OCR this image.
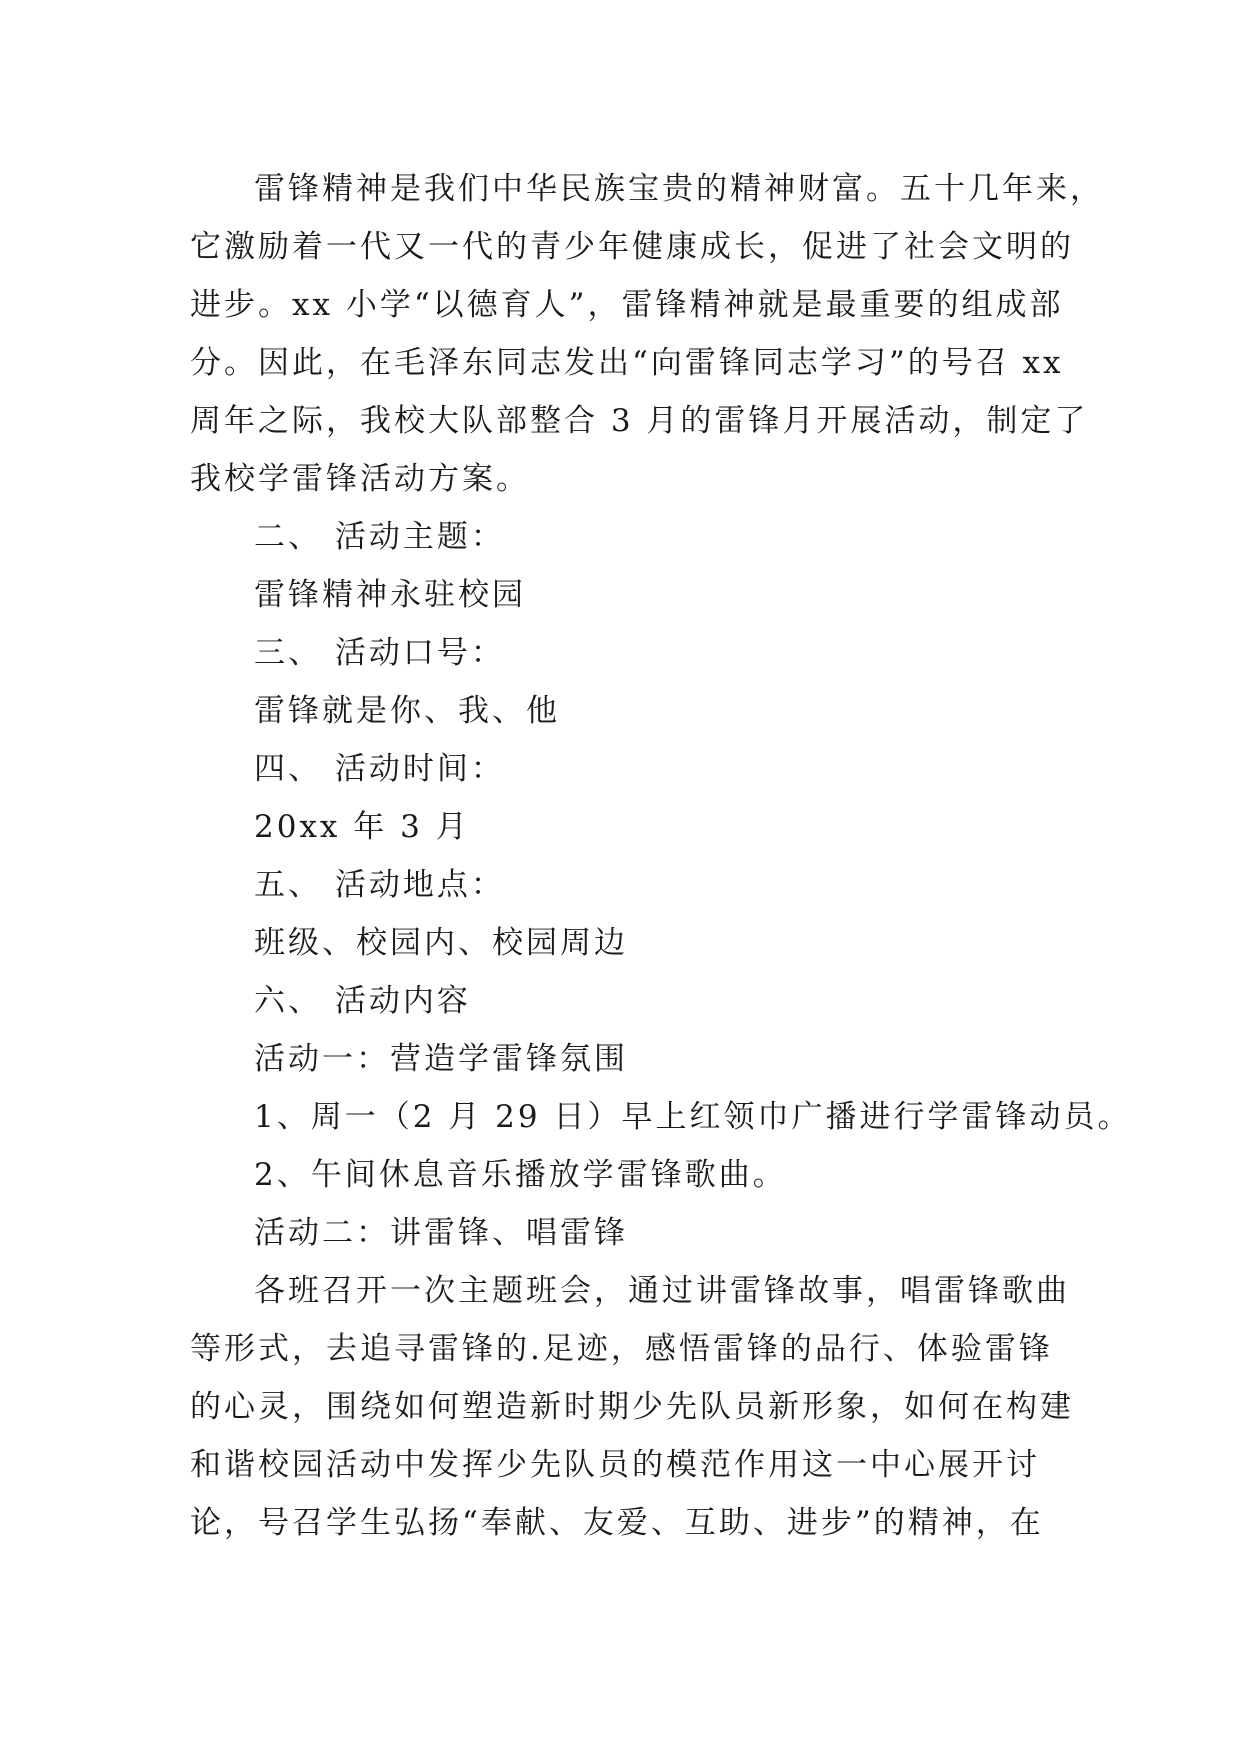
雷锋精神是我们中华民族宝贵的精神财富。五十几年来，
它激励着一代又一代的青少年健康成长，促进了社会文明的
进步。xx 小学“以德育人”，雷锋精神就是最重要的组成部
分。因此，在毛泽东同志发出“向雷锋同志学习”的号召 xx
周年之际，我校大队部整合 3 月的雷锋月开展活动，制定了
我校学雷锋活动方案。
二、 活动主题：
雷锋精神永驻校园
三、 活动口号：
雷锋就是你、我、他
四、 活动时间：
20xx 年 3 月
五、 活动地点：
班级、校园内、校园周边
六、 活动内容
活动一：营造学雷锋氛围
1、周一（2 月 29 日）早上红领巾广播进行学雷锋动员。
2、午间休息音乐播放学雷锋歌曲。
活动二：讲雷锋、唱雷锋
各班召开一次主题班会，通过讲雷锋故事，唱雷锋歌曲
等形式，去追寻雷锋的.足迹，感悟雷锋的品行、体验雷锋
的心灵，围绕如何塑造新时期少先队员新形象，如何在构建
和谐校园活动中发挥少先队员的模范作用这一中心展开讨
论，号召学生弘扬“奉献、友爱、互助、进步”的精神，在
